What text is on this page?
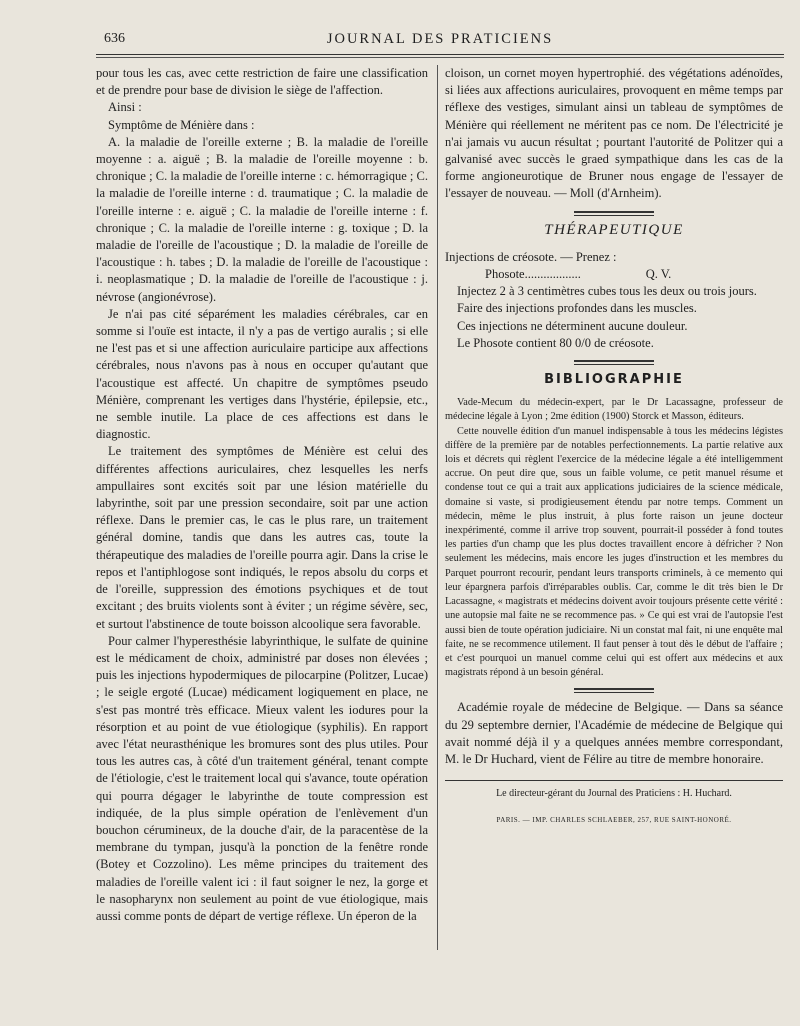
636	JOURNAL DES PRATICIENS

pour tous les cas, avec cette restriction de faire une classification et de prendre pour base de division le siège de l'affection.

Ainsi :

Symptôme de Ménière dans :

A. la maladie de l'oreille externe ; B. la maladie de l'oreille moyenne : a. aiguë ; B. la maladie de l'oreille moyenne : b. chronique ; C. la maladie de l'oreille interne : c. hémorragique ; C. la maladie de l'oreille interne : d. traumatique ; C. la maladie de l'oreille interne : e. aiguë ; C. la maladie de l'oreille interne : f. chronique ; C. la maladie de l'oreille interne : g. toxique ; D. la maladie de l'oreille de l'acoustique ; D. la maladie de l'oreille de l'acoustique : h. tabes ; D. la maladie de l'oreille de l'acoustique : i. neoplasmatique ; D. la maladie de l'oreille de l'acoustique : j. névrose (angionévrose).

Je n'ai pas cité séparément les maladies cérébrales, car en somme si l'ouïe est intacte, il n'y a pas de vertigo auralis ; si elle ne l'est pas et si une affection auriculaire participe aux affections cérébrales, nous n'avons pas à nous en occuper qu'autant que l'acoustique est affecté. Un chapitre de symptômes pseudo Ménière, comprenant les vertiges dans l'hystérie, épilepsie, etc., ne semble inutile. La place de ces affections est dans le diagnostic.

Le traitement des symptômes de Ménière est celui des différentes affections auriculaires, chez lesquelles les nerfs ampullaires sont excités soit par une lésion matérielle du labyrinthe, soit par une pression secondaire, soit par une action réflexe. Dans le premier cas, le cas le plus rare, un traitement général domine, tandis que dans les autres cas, toute la thérapeutique des maladies de l'oreille pourra agir. Dans la crise le repos et l'antiphlogose sont indiqués, le repos absolu du corps et de l'oreille, suppression des émotions psychiques et de tout excitant ; des bruits violents sont à éviter ; un régime sévère, sec, et surtout l'abstinence de toute boisson alcoolique sera favorable.

Pour calmer l'hyperesthésie labyrinthique, le sulfate de quinine est le médicament de choix, administré par doses non élevées ; puis les injections hypodermiques de pilocarpine (Politzer, Lucae) ; le seigle ergoté (Lucae) médicament logiquement en place, ne s'est pas montré très efficace. Mieux valent les iodures pour la résorption et au point de vue étiologique (syphilis). En rapport avec l'état neurasthénique les bromures sont des plus utiles. Pour tous les autres cas, à côté d'un traitement général, tenant compte de l'étiologie, c'est le traitement local qui s'avance, toute opération qui pourra dégager le labyrinthe de toute compression est indiquée, de la plus simple opération de l'enlèvement d'un bouchon cérumineux, de la douche d'air, de la paracentèse de la membrane du tympan, jusqu'à la ponction de la fenêtre ronde (Botey et Cozzolino). Les même principes du traitement des maladies de l'oreille valent ici : il faut soigner le nez, la gorge et le nasopharynx non seulement au point de vue étiologique, mais aussi comme ponts de départ de vertige réflexe. Un éperon de la

cloison, un cornet moyen hypertrophié. des végétations adénoïdes, si liées aux affections auriculaires, provoquent en même temps par réflexe des vestiges, simulant ainsi un tableau de symptômes de Ménière qui réellement ne méritent pas ce nom. De l'électricité je n'ai jamais vu aucun résultat ; pourtant l'autorité de Politzer qui a galvanisé avec succès le graed sympathique dans les cas de la forme angioneurotique de Bruner nous engage de l'essayer de l'essayer de nouveau. — Moll (d'Arnheim).

THÉRAPEUTIQUE

Injections de créosote. — Prenez :

Phosote..................	Q. V.

Injectez 2 à 3 centimètres cubes tous les deux ou trois jours.

Faire des injections profondes dans les muscles.

Ces injections ne déterminent aucune douleur.

Le Phosote contient 80 0/0 de créosote.

BIBLIOGRAPHIE

Vade-Mecum du médecin-expert, par le Dr Lacassagne, professeur de médecine légale à Lyon ; 2me édition (1900) Storck et Masson, éditeurs.

Cette nouvelle édition d'un manuel indispensable à tous les médecins légistes diffère de la première par de notables perfectionnements. La partie relative aux lois et décrets qui règlent l'exercice de la médecine légale a été intelligemment accrue. On peut dire que, sous un faible volume, ce petit manuel résume et condense tout ce qui a trait aux applications judiciaires de la science médicale, domaine si vaste, si prodigieusement étendu par notre temps. Comment un médecin, même le plus instruit, à plus forte raison un jeune docteur inexpérimenté, comme il arrive trop souvent, pourrait-il posséder à fond toutes les parties d'un champ que les plus doctes travaillent encore à défricher ? Non seulement les médecins, mais encore les juges d'instruction et les membres du Parquet pourront recourir, pendant leurs transports criminels, à ce memento qui leur épargnera parfois d'irréparables oublis. Car, comme le dit très bien le Dr Lacassagne, « magistrats et médecins doivent avoir toujours présente cette vérité : une autopsie mal faite ne se recommence pas. » Ce qui est vrai de l'autopsie l'est aussi bien de toute opération judiciaire. Ni un constat mal fait, ni une enquête mal faite, ne se recommence utilement. Il faut penser à tout dès le début de l'affaire ; et c'est pourquoi un manuel comme celui qui est offert aux médecins et aux magistrats répond à un besoin général.

Académie royale de médecine de Belgique. — Dans sa séance du 29 septembre dernier, l'Académie de médecine de Belgique qui avait nommé déjà il y a quelques années membre correspondant, M. le Dr Huchard, vient de Félire au titre de membre honoraire.

Le directeur-gérant du Journal des Praticiens : H. Huchard.
PARIS. — IMP. CHARLES SCHLAEBER, 257, RUE SAINT-HONORÉ.
